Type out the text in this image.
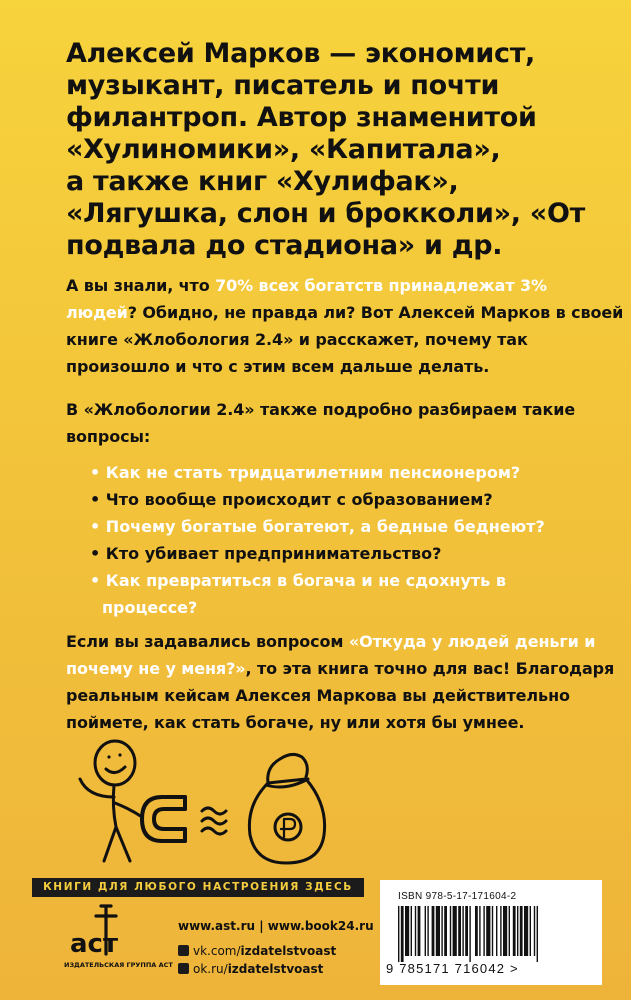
Алексей Марков — экономист,
музыкант, писатель и почти
филантроп. Автор знаменитой
«Хулиномики», «Капитала»,
а также книг «Хулифак»,
«Лягушка, слон и брокколи», «От
подвала до стадиона» и др.
А вы знали, что 70% всех богатств принадлежат 3%
людей? Обидно, не правда ли? Вот Алексей Марков в своей
книге «Жлобология 2.4» и расскажет, почему так
произошло и что с этим всем дальше делать.
В «Жлобологии 2.4» также подробно разбираем такие
вопросы:
• Как не стать тридцатилетним пенсионером?
• Что вообще происходит с образованием?
• Почему богатые богатеют, а бедные беднеют?
• Кто убивает предпринимательство?
• Как превратиться в богача и не сдохнуть в
процессе?
Если вы задавались вопросом «Откуда у людей деньги и
почему не у меня?», то эта книга точно для вас! Благодаря
реальным кейсам Алексея Маркова вы действительно
поймете, как стать богаче, ну или хотя бы умнее.
КНИГИ ДЛЯ ЛЮБОГО НАСТРОЕНИЯ ЗДЕСЬ
аст
ИЗДАТЕЛЬСКАЯ ГРУППА АСТ
www.ast.ru | www.book24.ru
vk.com/izdatelstvoast
ok.ru/izdatelstvoast
ISBN 978-5-17-171604-2
9 785171 716042 >
